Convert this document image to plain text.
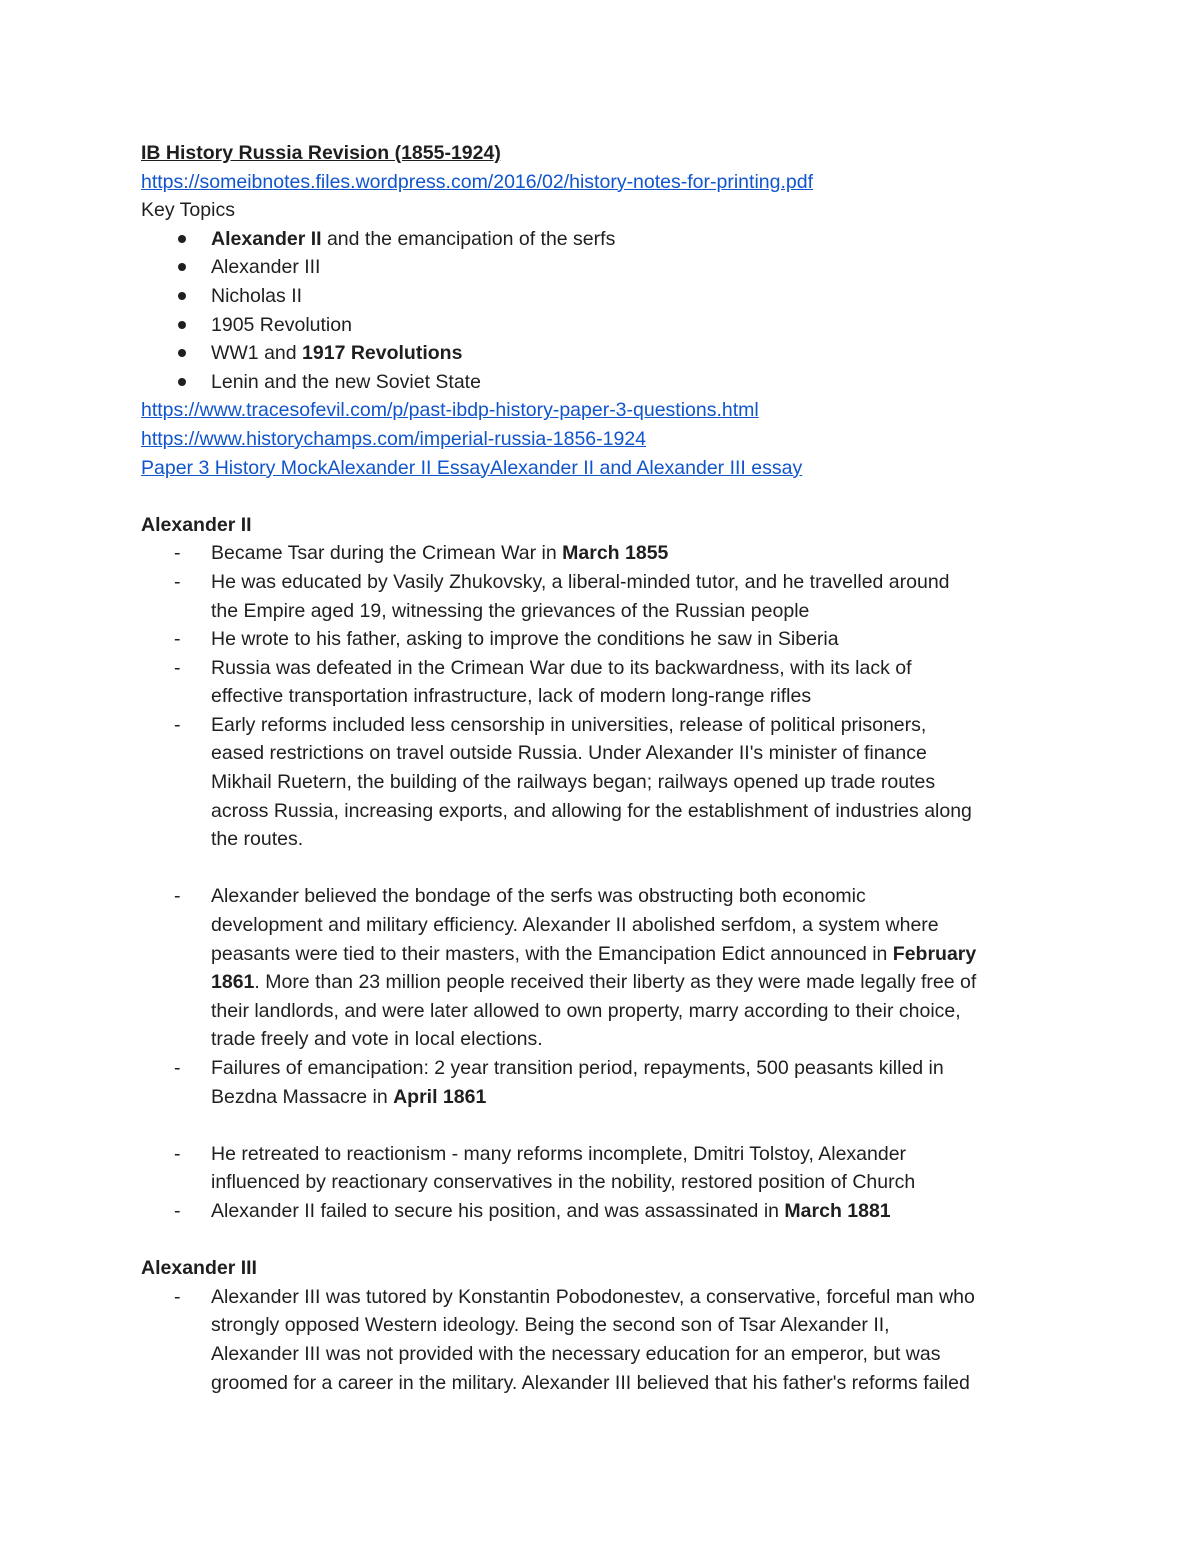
IB History Russia Revision (1855-1924)
https://someibnotes.files.wordpress.com/2016/02/history-notes-for-printing.pdf
Key Topics
Alexander II and the emancipation of the serfs
Alexander III
Nicholas II
1905 Revolution
WW1 and 1917 Revolutions
Lenin and the new Soviet State
https://www.tracesofevil.com/p/past-ibdp-history-paper-3-questions.html
https://www.historychamps.com/imperial-russia-1856-1924
Paper 3 History MockAlexander II EssayAlexander II and Alexander III essay
Alexander II
- Became Tsar during the Crimean War in March 1855
- He was educated by Vasily Zhukovsky, a liberal-minded tutor, and he travelled around
the Empire aged 19, witnessing the grievances of the Russian people
- He wrote to his father, asking to improve the conditions he saw in Siberia
- Russia was defeated in the Crimean War due to its backwardness, with its lack of
effective transportation infrastructure, lack of modern long-range rifles
- Early reforms included less censorship in universities, release of political prisoners,
eased restrictions on travel outside Russia. Under Alexander II's minister of finance
Mikhail Ruetern, the building of the railways began; railways opened up trade routes
across Russia, increasing exports, and allowing for the establishment of industries along
the routes.
- Alexander believed the bondage of the serfs was obstructing both economic
development and military efficiency. Alexander II abolished serfdom, a system where
peasants were tied to their masters, with the Emancipation Edict announced in February
1861. More than 23 million people received their liberty as they were made legally free of
their landlords, and were later allowed to own property, marry according to their choice,
trade freely and vote in local elections.
- Failures of emancipation: 2 year transition period, repayments, 500 peasants killed in
Bezdna Massacre in April 1861
- He retreated to reactionism - many reforms incomplete, Dmitri Tolstoy, Alexander
influenced by reactionary conservatives in the nobility, restored position of Church
- Alexander II failed to secure his position, and was assassinated in March 1881
Alexander III
- Alexander III was tutored by Konstantin Pobodonestev, a conservative, forceful man who
strongly opposed Western ideology. Being the second son of Tsar Alexander II,
Alexander III was not provided with the necessary education for an emperor, but was
groomed for a career in the military. Alexander III believed that his father's reforms failed
